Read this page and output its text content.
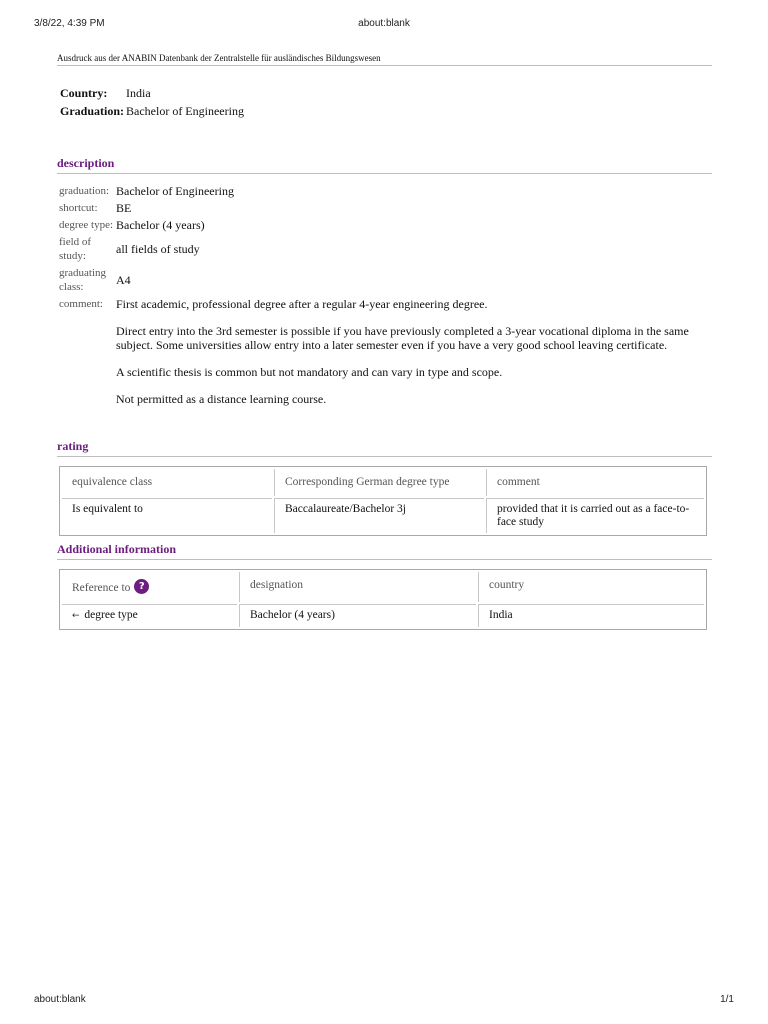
3/8/22, 4:39 PM	about:blank
Ausdruck aus der ANABIN Datenbank der Zentralstelle für ausländisches Bildungswesen
Country:	India
Graduation: Bachelor of Engineering
description
graduation: Bachelor of Engineering
shortcut:	BE
degree type: Bachelor (4 years)
field of study:	all fields of study
graduating class:	A4
comment:	First academic, professional degree after a regular 4-year engineering degree.

Direct entry into the 3rd semester is possible if you have previously completed a 3-year vocational diploma in the same subject. Some universities allow entry into a later semester even if you have a very good school leaving certificate.

A scientific thesis is common but not mandatory and can vary in type and scope.

Not permitted as a distance learning course.

rating
equivalence class	Corresponding German degree type	comment
Is equivalent to	Baccalaureate/Bachelor 3j	provided that it is carried out as a face-to-face study
Additional information
Reference to ?	designation	country
← degree type	Bachelor (4 years)	India
about:blank	1/1
